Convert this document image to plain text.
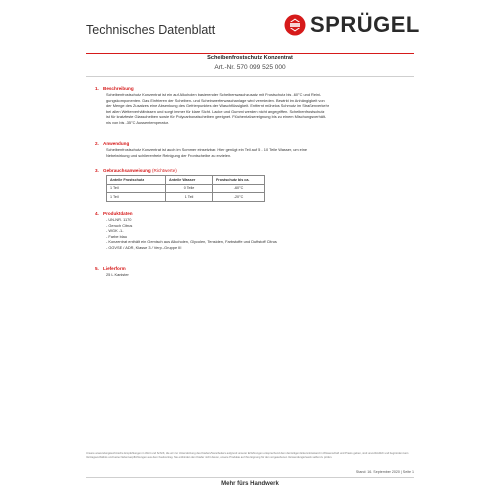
Technisches Datenblatt	SPRÜGEL
Scheibenfrostschutz Konzentrat
Art.-Nr. 570 099 525 000
1. Beschreibung
Scheibenfrostschutz Konzentrat ist ein auf Alkoholen basierender Scheibenwaschzusatz mit Frostschutz bis -60°C und Reini-
gungskomponenten. Das Einfrieren der Scheiben- und Scheinwerferwaschanlage wird vermieden. Bewirkt im Anhängigkeit von
der Menge des Zusatzes eine Absenkung des Gefrierpunktes der Waschflüssigkeit. Entfernt mühelos Schmutz im Straßenverkehr
bei allen Wetterverhältnissen und sorgt immer für klare Sicht. Lacke und Gummi werden nicht angegriffen. Scheibenfrostschutz
ist für kratzfeste Glasscheiben sowie für Polycarbonatscheiben geeignet. Flüchentzüsereignung bis zu einem Mischungsverhält-
nis von bis -35°C Aussentemperatur.
2. Anwendung
Scheibenfrostschutz Konzentrat ist auch im Sommer einsetzbar. Hier genügt ein Teil auf 5 - 10 Teile Wasser, um eine
Nebelwirkung und schlierenfreie Reinigung der Frontscheibe zu erzielen.
3. Gebrauchsanweisung (Richtwerte)
Anteile Frostschutz	Anteile Wasser	Frostschutz bis ca.
1 Teil	0 Teile	-60°C
1 Teil	1 Teil	-20°C
4. Produktdaten
- UN-NR. 1170
- Geruch Citrus
- WGK -1-
- Farbe blau
- Konzentrat enthält ein Gemisch aus Alkoholen, Glycolen, Tensiden, Farbstoffe und Duftstoff Citrus
- GGVSE / ADR, Klasse 3 / Verp.-Gruppe III
5. Lieferform
25 L Kanister
Unsere anwendungstechnische Empfehlungen in Wort und Schrift, die wir zur Unterstützung des Käufers/Verarbeiters aufgrund unserer Erfahrungen entsprechend dem derzeitigen Erkenntnisstand in Wissenschaft und Praxis geben, sind unverbindlich und begründen kein Vertragsverhältnis und keine Nebenverpflichtungen aus dem Kaufvertrag. Sie entbinden den Käufer nicht davon, unsere Produkte auf ihre Eignung für den vorgesehenen Verwendungszweck selbst zu prüfen.
Stand: 16. September 2020 | Seite 1
Mehr fürs Handwerk
